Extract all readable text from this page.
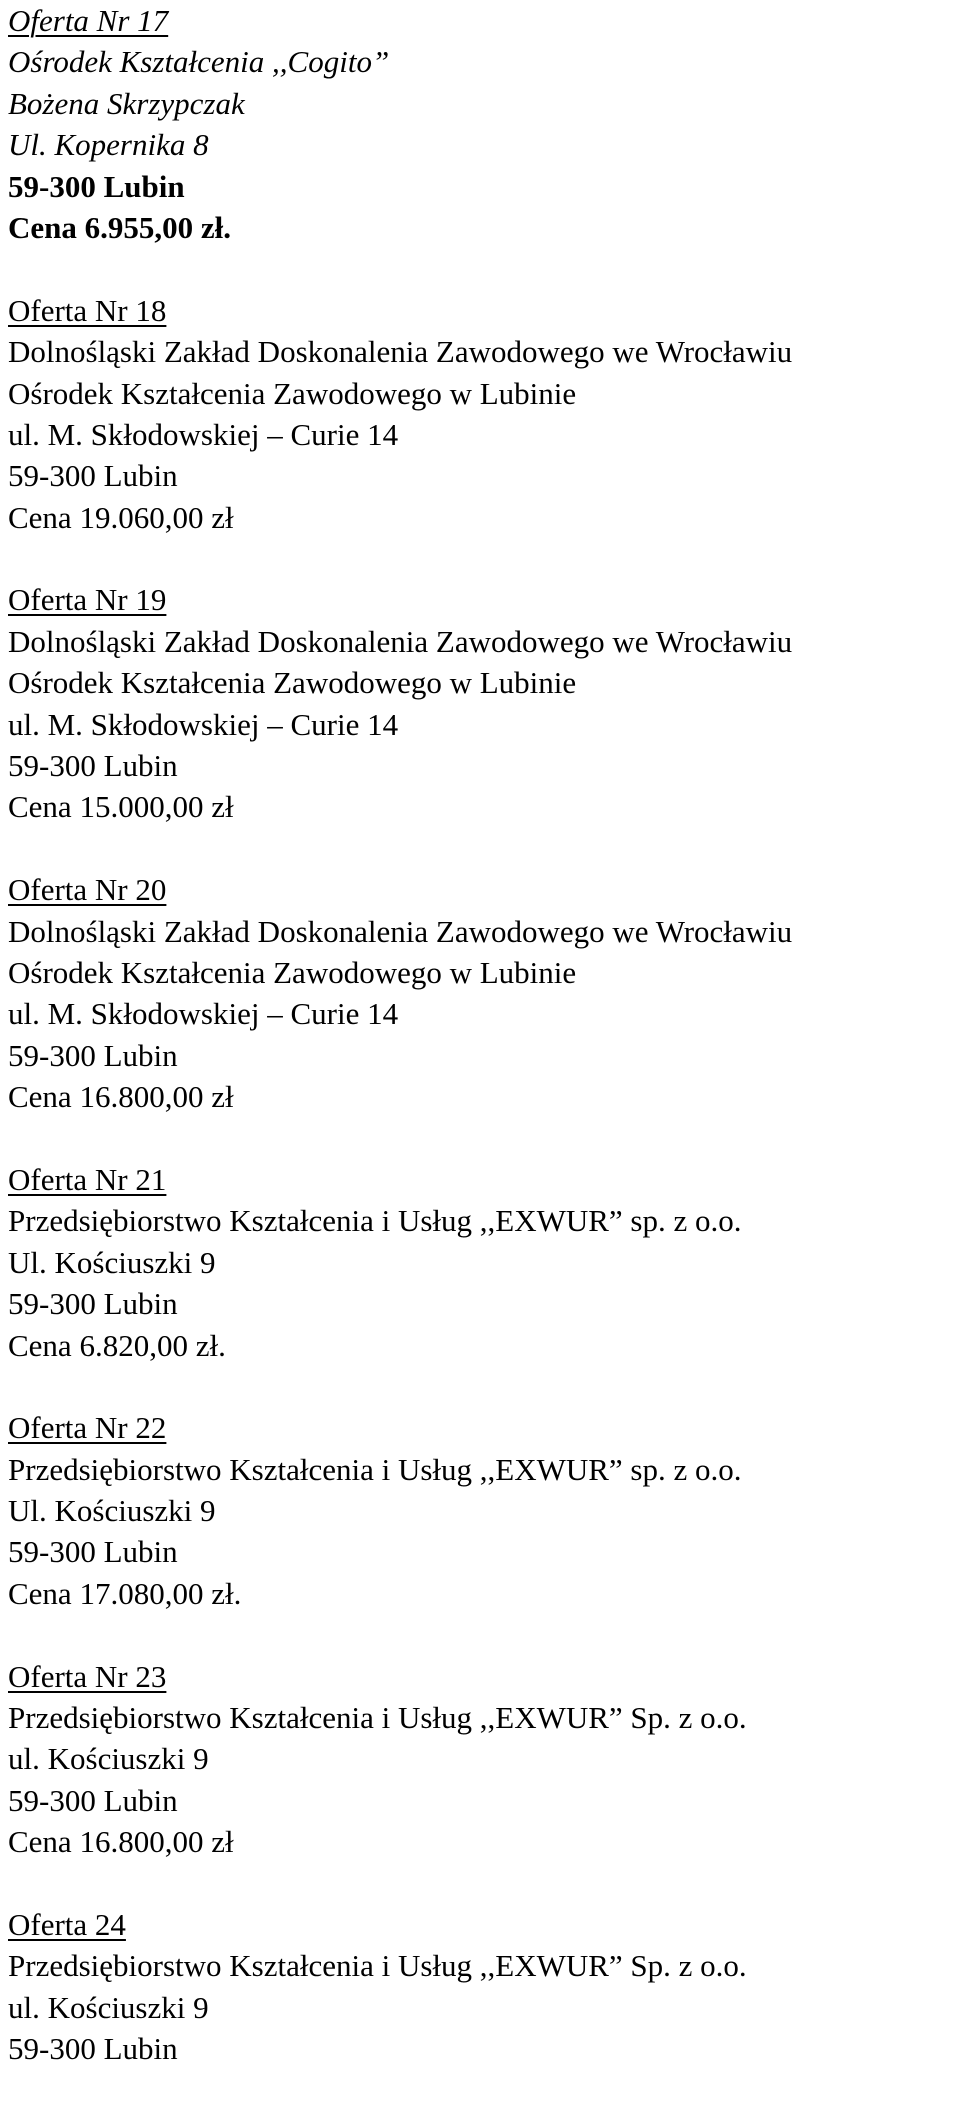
Oferta Nr 17
Ośrodek Kształcenia ,,Cogito”
Bożena Skrzypczak
Ul. Kopernika 8
59-300 Lubin
Cena 6.955,00 zł.
Oferta Nr 18
Dolnośląski Zakład Doskonalenia Zawodowego we Wrocławiu
Ośrodek Kształcenia Zawodowego w Lubinie
ul. M. Skłodowskiej – Curie 14
59-300 Lubin
Cena 19.060,00 zł
Oferta Nr 19
Dolnośląski Zakład Doskonalenia Zawodowego we Wrocławiu
Ośrodek Kształcenia Zawodowego w Lubinie
ul. M. Skłodowskiej – Curie 14
59-300 Lubin
Cena 15.000,00 zł
Oferta Nr 20
Dolnośląski Zakład Doskonalenia Zawodowego we Wrocławiu
Ośrodek Kształcenia Zawodowego w Lubinie
ul. M. Skłodowskiej – Curie 14
59-300 Lubin
Cena 16.800,00 zł
Oferta Nr 21
Przedsiębiorstwo Kształcenia i Usług ,,EXWUR” sp. z o.o.
Ul. Kościuszki 9
59-300 Lubin
Cena 6.820,00 zł.
Oferta Nr 22
Przedsiębiorstwo Kształcenia i Usług ,,EXWUR” sp. z o.o.
Ul. Kościuszki 9
59-300 Lubin
Cena 17.080,00 zł.
Oferta Nr 23
Przedsiębiorstwo Kształcenia i Usług ,,EXWUR” Sp. z o.o.
ul. Kościuszki 9
59-300 Lubin
Cena 16.800,00 zł
Oferta 24
Przedsiębiorstwo Kształcenia i Usług ,,EXWUR” Sp. z o.o.
ul. Kościuszki 9
59-300 Lubin
